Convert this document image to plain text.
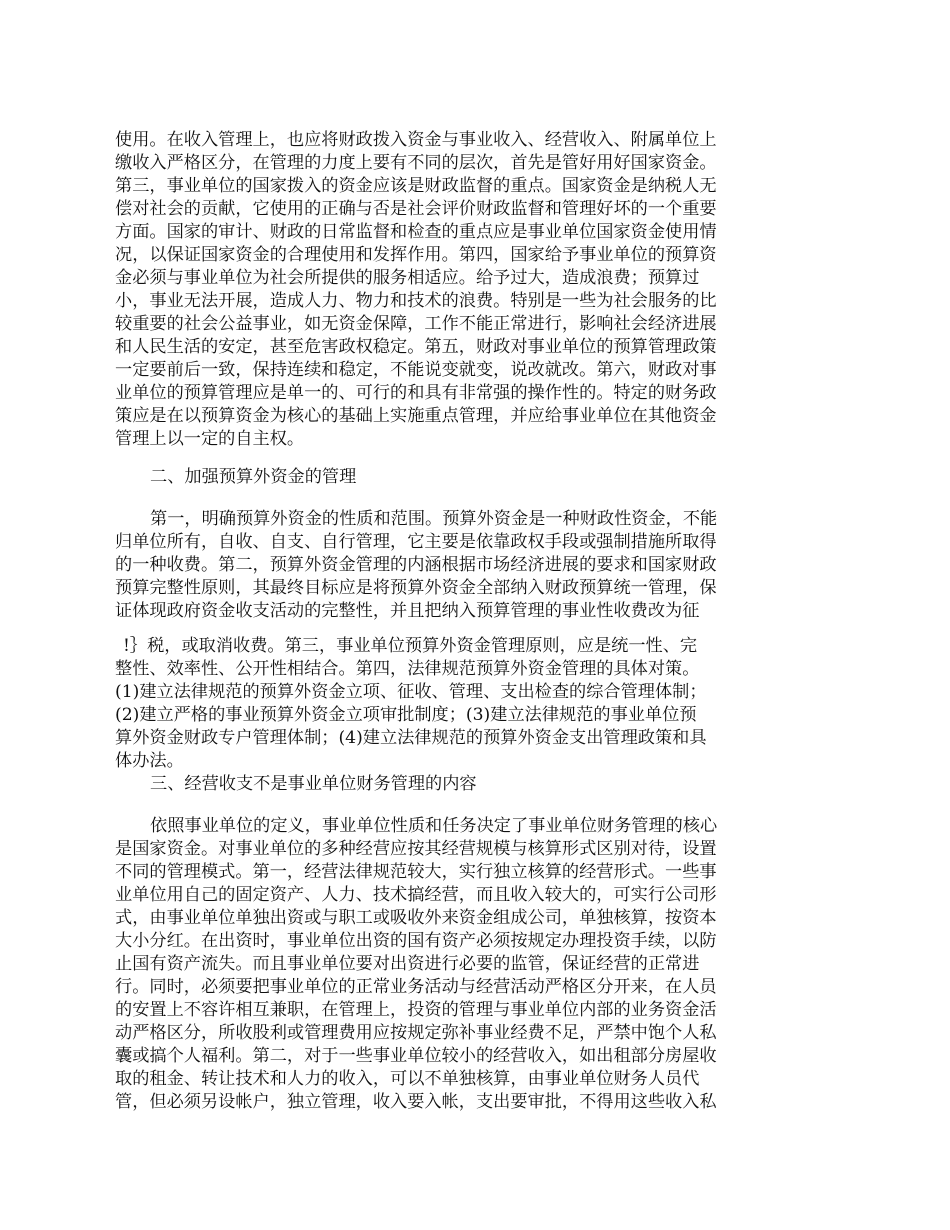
使用。在收入管理上，也应将财政拨入资金与事业收入、经营收入、附属单位上
缴收入严格区分，在管理的力度上要有不同的层次，首先是管好用好国家资金。
第三，事业单位的国家拨入的资金应该是财政监督的重点。国家资金是纳税人无
偿对社会的贡献，它使用的正确与否是社会评价财政监督和管理好坏的一个重要
方面。国家的审计、财政的日常监督和检查的重点应是事业单位国家资金使用情
况，以保证国家资金的合理使用和发挥作用。第四，国家给予事业单位的预算资
金必须与事业单位为社会所提供的服务相适应。给予过大，造成浪费；预算过
小，事业无法开展，造成人力、物力和技术的浪费。特别是一些为社会服务的比
较重要的社会公益事业，如无资金保障，工作不能正常进行，影响社会经济进展
和人民生活的安定，甚至危害政权稳定。第五，财政对事业单位的预算管理政策
一定要前后一致，保持连续和稳定，不能说变就变，说改就改。第六，财政对事
业单位的预算管理应是单一的、可行的和具有非常强的操作性的。特定的财务政
策应是在以预算资金为核心的基础上实施重点管理，并应给事业单位在其他资金
管理上以一定的自主权。
二、加强预算外资金的管理
第一，明确预算外资金的性质和范围。预算外资金是一种财政性资金，不能
归单位所有，自收、自支、自行管理，它主要是依靠政权手段或强制措施所取得
的一种收费。第二，预算外资金管理的内涵根据市场经济进展的要求和国家财政
预算完整性原则，其最终目标应是将预算外资金全部纳入财政预算统一管理，保
证体现政府资金收支活动的完整性，并且把纳入预算管理的事业性收费改为征
!｝税，或取消收费。第三，事业单位预算外资金管理原则，应是统一性、完
整性、效率性、公开性相结合。第四，法律规范预算外资金管理的具体对策。
(1)建立法律规范的预算外资金立项、征收、管理、支出检查的综合管理体制；
(2)建立严格的事业预算外资金立项审批制度；(3)建立法律规范的事业单位预
算外资金财政专户管理体制；(4)建立法律规范的预算外资金支出管理政策和具
体办法。
三、经营收支不是事业单位财务管理的内容
依照事业单位的定义，事业单位性质和任务决定了事业单位财务管理的核心
是国家资金。对事业单位的多种经营应按其经营规模与核算形式区别对待，设置
不同的管理模式。第一，经营法律规范较大，实行独立核算的经营形式。一些事
业单位用自己的固定资产、人力、技术搞经营，而且收入较大的，可实行公司形
式，由事业单位单独出资或与职工或吸收外来资金组成公司，单独核算，按资本
大小分红。在出资时，事业单位出资的国有资产必须按规定办理投资手续，以防
止国有资产流失。而且事业单位要对出资进行必要的监管，保证经营的正常进
行。同时，必须要把事业单位的正常业务活动与经营活动严格区分开来，在人员
的安置上不容许相互兼职，在管理上，投资的管理与事业单位内部的业务资金活
动严格区分，所收股利或管理费用应按规定弥补事业经费不足，严禁中饱个人私
囊或搞个人福利。第二，对于一些事业单位较小的经营收入，如出租部分房屋收
取的租金、转让技术和人力的收入，可以不单独核算，由事业单位财务人员代
管，但必须另设帐户，独立管理，收入要入帐，支出要审批，不得用这些收入私
